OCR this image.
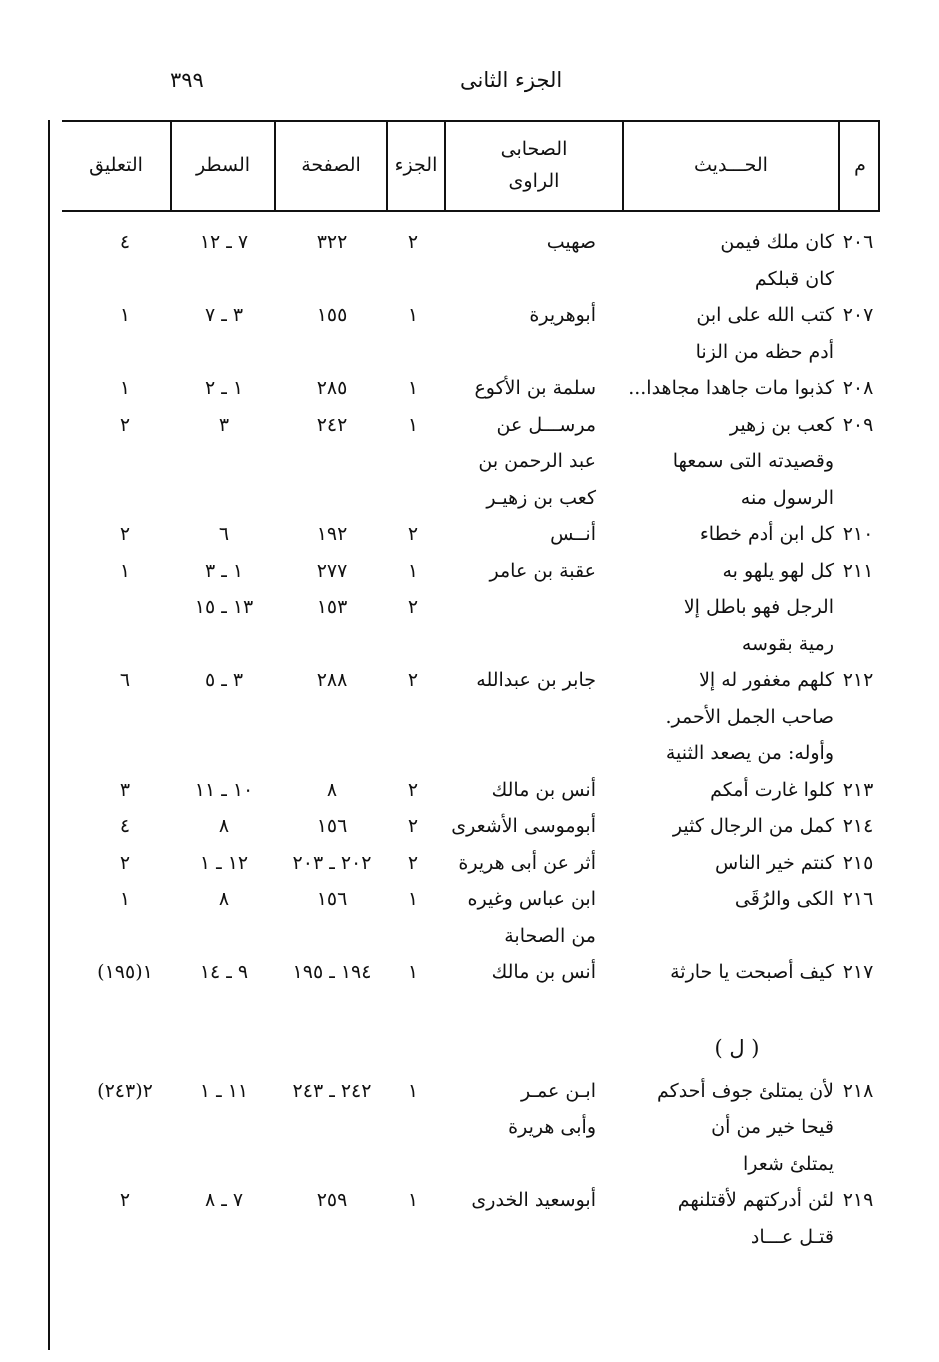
٣٩٩	الجزء الثانى
م
الحـــديث
الصحابى
الراوى
الجزء
الصفحة
السطر
التعليق
٢٠٦
كان ملك فيمن
كان قبلكم
صهيب
٢
٣٢٢
٧ ـ ١٢
٤
٢٠٧
كتب الله على ابن
أدم حظه من الزنا
أبوهريرة
١
١٥٥
٣ ـ ٧
١
٢٠٨
كذبوا مات جاهدا مجاهدا...
سلمة بن الأكوع
١
٢٨٥
١ ـ ٢
١
٢٠٩
كعب بن زهير
وقصيدته التى سمعها
الرسول منه
مرســـل عن
عبد الرحمن بن
كعب بن زهيـر
١
٢٤٢
٣
٢
٢١٠
كل ابن أدم خطاء
أنــس
٢
١٩٢
٦
٢
٢١١
كل لهو يلهو به
الرجل فهو باطل إلا
رمية بقوسه
عقبة بن عامر
١
٢٧٧
١ ـ ٣
١
٢
١٥٣
١٣ ـ ١٥
٢١٢
كلهم مغفور له إلا
صاحب الجمل الأحمر.
وأوله: من يصعد الثنية
جابر بن عبدالله
٢
٢٨٨
٣ ـ ٥
٦
٢١٣
كلوا غارت أمكم
أنس بن مالك
٢
٨
١٠ ـ ١١
٣
٢١٤
كمل من الرجال كثير
أبوموسى الأشعرى
٢
١٥٦
٨
٤
٢١٥
كنتم خير الناس
أثر عن أبى هريرة
٢
٢٠٢ ـ ٢٠٣
١٢ ـ ١
٢
٢١٦
الكى والرُقَى
ابن عباس وغيره
من الصحابة
١
١٥٦
٨
١
٢١٧
كيف أصبحت يا حارثة
أنس بن مالك
١
١٩٤ ـ ١٩٥
٩ ـ ١٤
١(١٩٥)
( ل )
٢١٨
لأن يمتلئ جوف أحدكم
قيحا خير من أن
يمتلئ شعرا
ابـن عمـر
وأبى هريرة
١
٢٤٢ ـ ٢٤٣
١١ ـ ١
٢(٢٤٣)
٢١٩
لئن أدركتهم لأقتلنهم
قتـل عـــاد
أبوسعيد الخدرى
١
٢٥٩
٧ ـ ٨
٢
